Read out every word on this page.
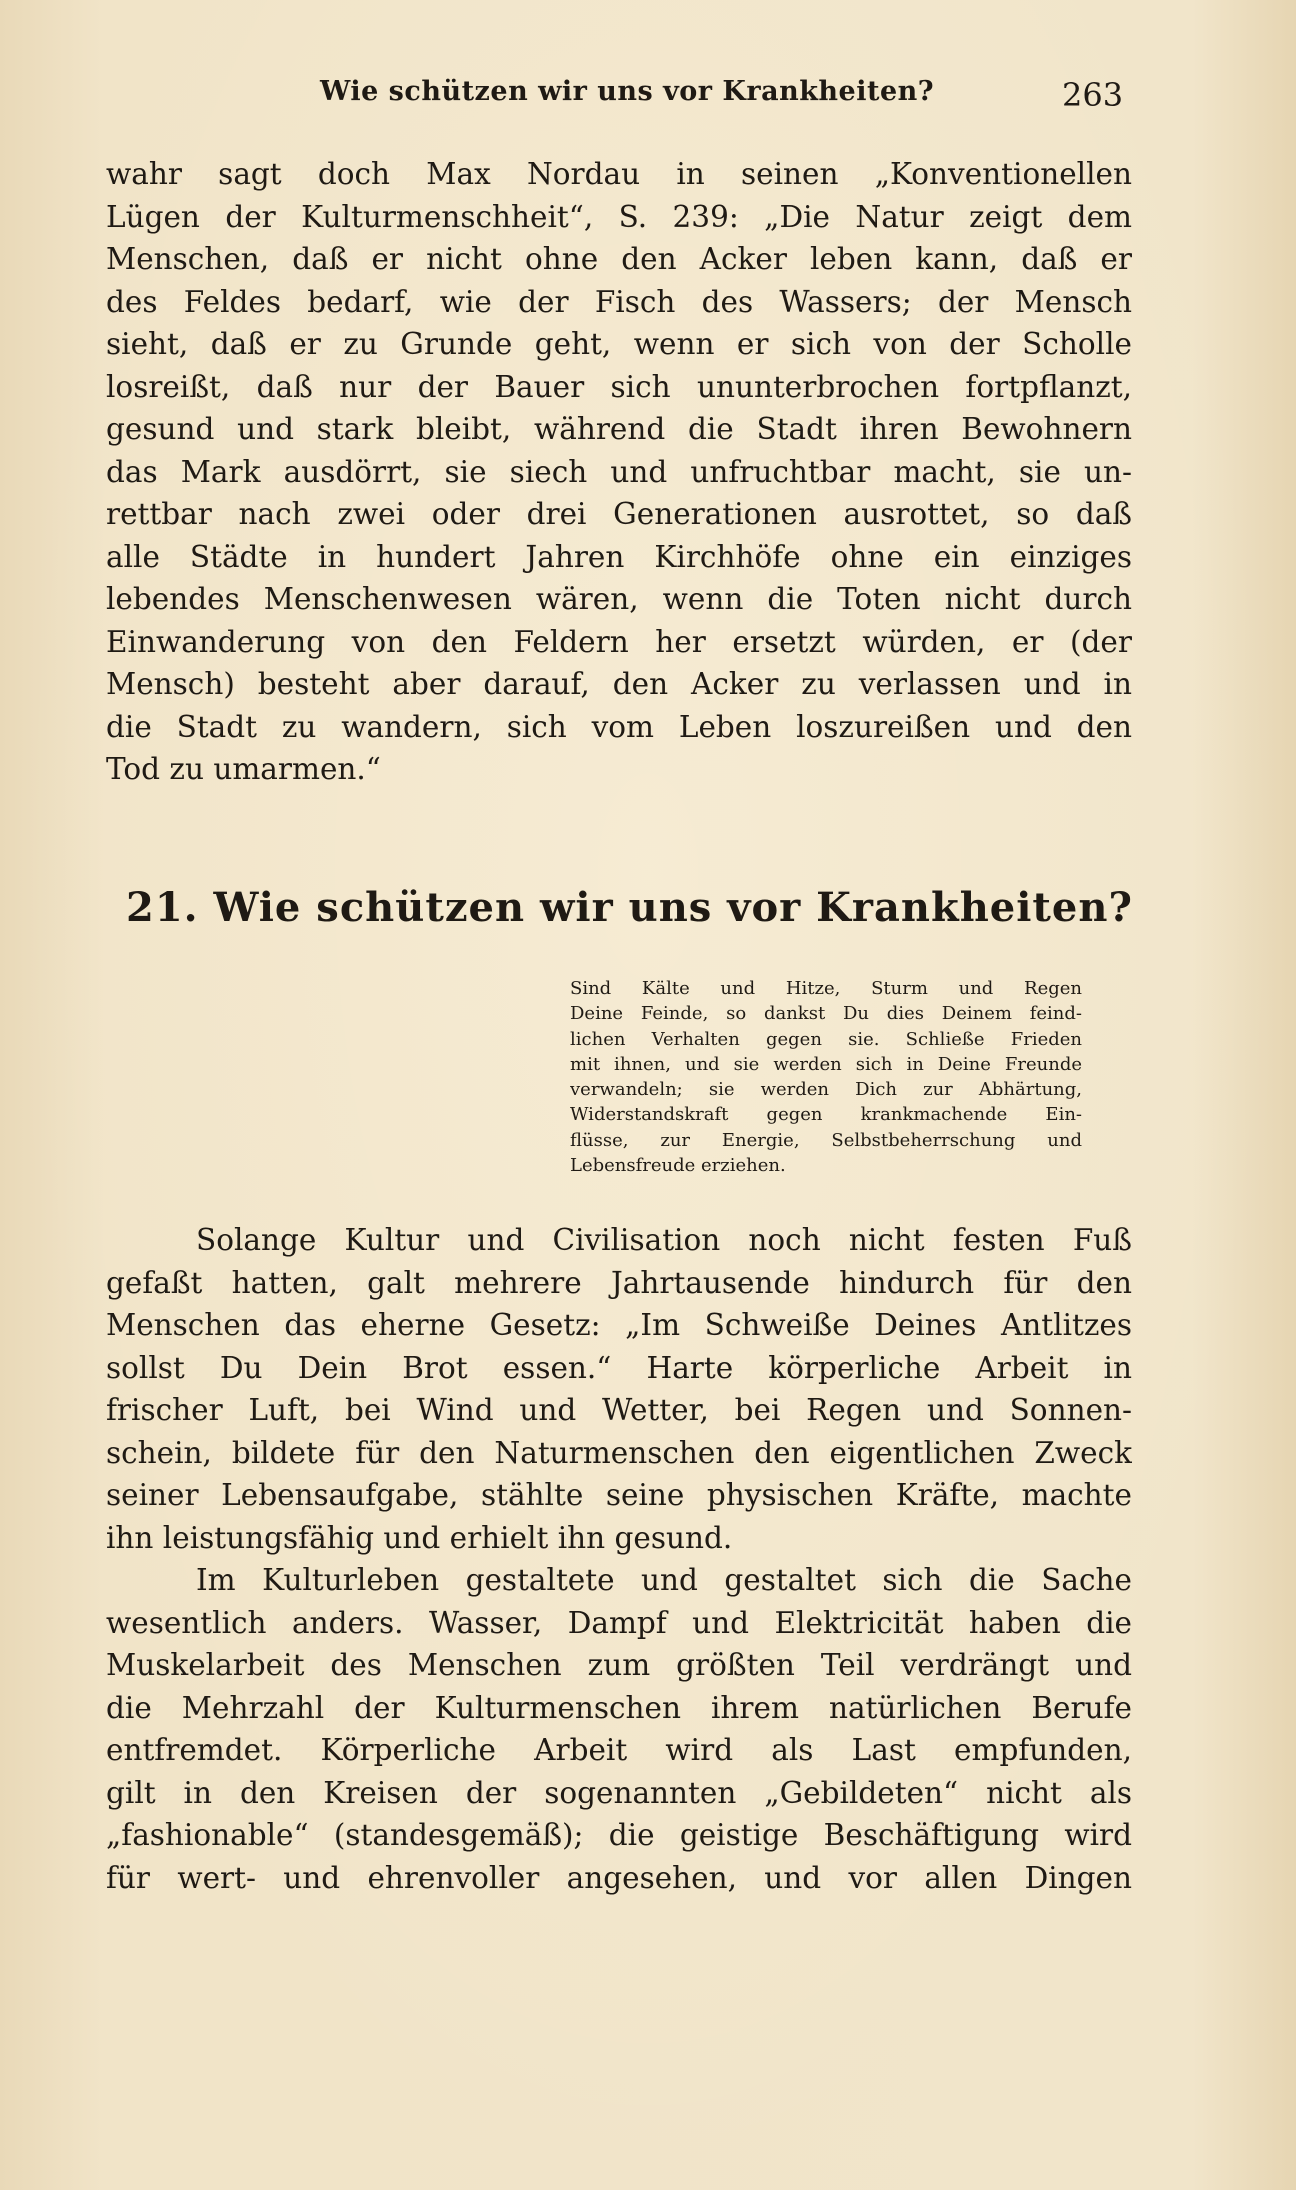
Wie schützen wir uns vor Krankheiten?	263
wahr sagt doch Max Nordau in seinen „Konventionellen
Lügen der Kulturmenschheit“, S. 239: „Die Natur zeigt dem
Menschen, daß er nicht ohne den Acker leben kann, daß er
des Feldes bedarf, wie der Fisch des Wassers; der Mensch
sieht, daß er zu Grunde geht, wenn er sich von der Scholle
losreißt, daß nur der Bauer sich ununterbrochen fortpflanzt,
gesund und stark bleibt, während die Stadt ihren Bewohnern
das Mark ausdörrt, sie siech und unfruchtbar macht, sie un-
rettbar nach zwei oder drei Generationen ausrottet, so daß
alle Städte in hundert Jahren Kirchhöfe ohne ein einziges
lebendes Menschenwesen wären, wenn die Toten nicht durch
Einwanderung von den Feldern her ersetzt würden, er (der
Mensch) besteht aber darauf, den Acker zu verlassen und in
die Stadt zu wandern, sich vom Leben loszureißen und den
Tod zu umarmen.“
21. Wie schützen wir uns vor Krankheiten?
Sind Kälte und Hitze, Sturm und Regen
Deine Feinde, so dankst Du dies Deinem feind-
lichen Verhalten gegen sie. Schließe Frieden
mit ihnen, und sie werden sich in Deine Freunde
verwandeln; sie werden Dich zur Abhärtung,
Widerstandskraft gegen krankmachende Ein-
flüsse, zur Energie, Selbstbeherrschung und
Lebensfreude erziehen.
Solange Kultur und Civilisation noch nicht festen Fuß
gefaßt hatten, galt mehrere Jahrtausende hindurch für den
Menschen das eherne Gesetz: „Im Schweiße Deines Antlitzes
sollst Du Dein Brot essen.“ Harte körperliche Arbeit in
frischer Luft, bei Wind und Wetter, bei Regen und Sonnen-
schein, bildete für den Naturmenschen den eigentlichen Zweck
seiner Lebensaufgabe, stählte seine physischen Kräfte, machte
ihn leistungsfähig und erhielt ihn gesund.
Im Kulturleben gestaltete und gestaltet sich die Sache
wesentlich anders. Wasser, Dampf und Elektricität haben die
Muskelarbeit des Menschen zum größten Teil verdrängt und
die Mehrzahl der Kulturmenschen ihrem natürlichen Berufe
entfremdet. Körperliche Arbeit wird als Last empfunden,
gilt in den Kreisen der sogenannten „Gebildeten“ nicht als
„fashionable“ (standesgemäß); die geistige Beschäftigung wird
für wert- und ehrenvoller angesehen, und vor allen Dingen
